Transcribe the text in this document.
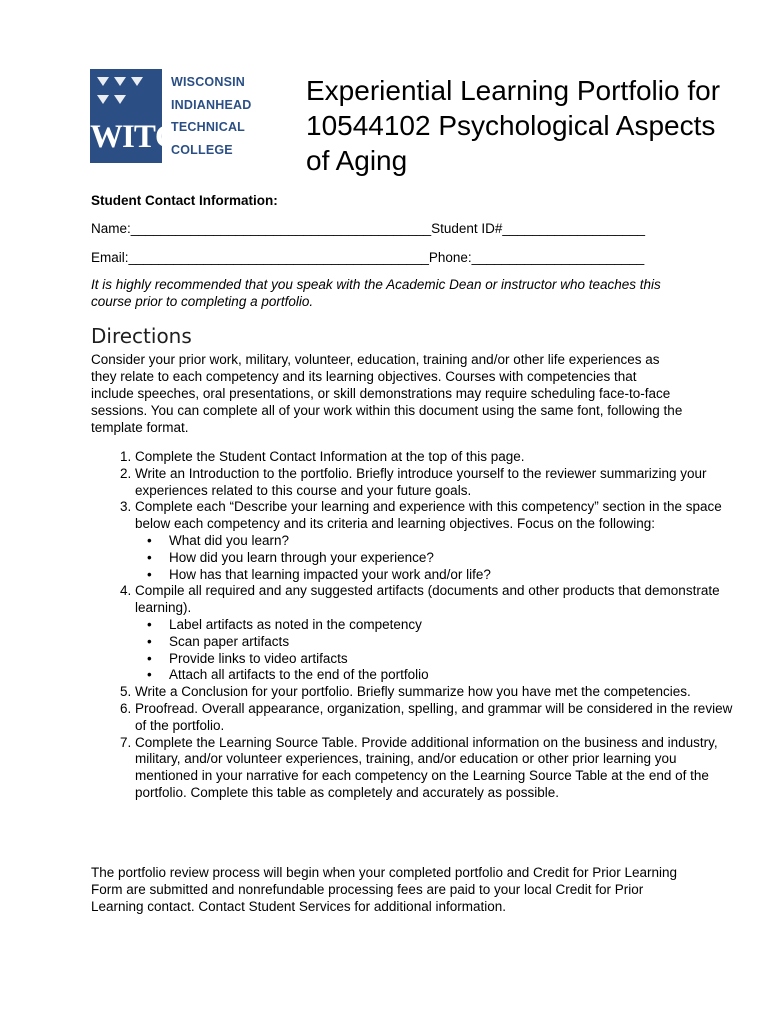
WITC
WISCONSIN
INDIANHEAD
TECHNICAL
COLLEGE
Experiential Learning Portfolio for
10544102 Psychological Aspects
of Aging
Student Contact Information:
Name:________________________________________Student ID#___________________
Email:________________________________________Phone:_______________________
It is highly recommended that you speak with the Academic Dean or instructor who teaches this course prior to completing a portfolio.
Directions
Consider your prior work, military, volunteer, education, training and/or other life experiences as they relate to each competency and its learning objectives. Courses with competencies that include speeches, oral presentations, or skill demonstrations may require scheduling face-to-face sessions. You can complete all of your work within this document using the same font, following the template format.
1. Complete the Student Contact Information at the top of this page.
2. Write an Introduction to the portfolio. Briefly introduce yourself to the reviewer summarizing your experiences related to this course and your future goals.
3. Complete each “Describe your learning and experience with this competency” section in the space below each competency and its criteria and learning objectives. Focus on the following:
• What did you learn?
• How did you learn through your experience?
• How has that learning impacted your work and/or life?
4. Compile all required and any suggested artifacts (documents and other products that demonstrate learning).
• Label artifacts as noted in the competency
• Scan paper artifacts
• Provide links to video artifacts
• Attach all artifacts to the end of the portfolio
5. Write a Conclusion for your portfolio. Briefly summarize how you have met the competencies.
6. Proofread. Overall appearance, organization, spelling, and grammar will be considered in the review of the portfolio.
7. Complete the Learning Source Table. Provide additional information on the business and industry, military, and/or volunteer experiences, training, and/or education or other prior learning you mentioned in your narrative for each competency on the Learning Source Table at the end of the portfolio. Complete this table as completely and accurately as possible.
The portfolio review process will begin when your completed portfolio and Credit for Prior Learning Form are submitted and nonrefundable processing fees are paid to your local Credit for Prior Learning contact. Contact Student Services for additional information.
